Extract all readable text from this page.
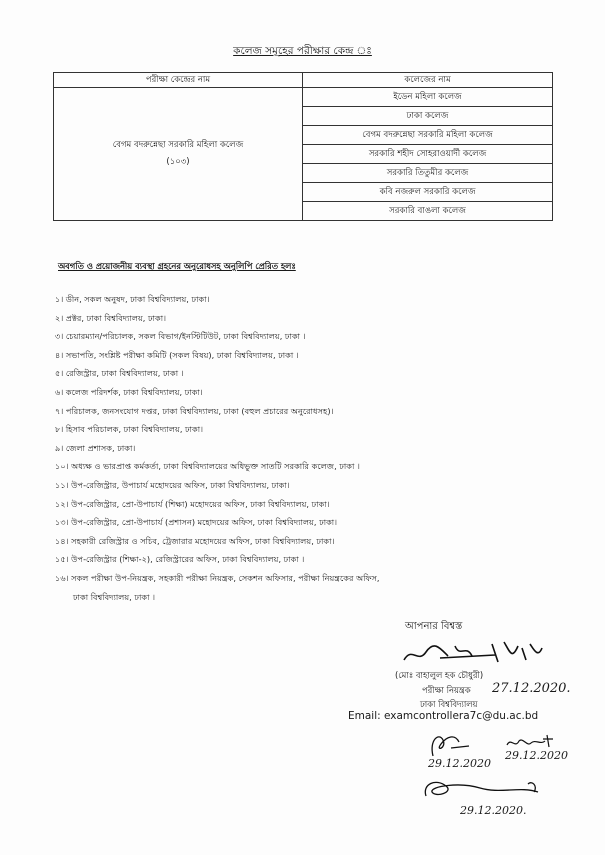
কলেজ সমূহের পরীক্ষার কেন্দ্র ঃ
পরীক্ষা কেন্দ্রের নাম	কলেজের নাম

বেগম বদরুন্নেছা সরকারি মহিলা কলেজ
(১০৩)	ইডেন মহিলা কলেজ
	ঢাকা কলেজ
	বেগম বদরুন্নেছা সরকারি মহিলা কলেজ
	সরকারি শহীদ সোহরাওয়ার্দী কলেজ
	সরকারি তিতুমীর কলেজ
	কবি নজরুল সরকারি কলেজ
	সরকারি বাঙলা কলেজ
অবগতি ও প্রয়োজনীয় ব্যবস্থা গ্রহনের অনুরোধসহ অনুলিপি প্রেরিত হলঃ
১। ডীন, সকল অনুষদ, ঢাকা বিশ্ববিদ্যালয়, ঢাকা।
২। প্রক্টর, ঢাকা বিশ্ববিদ্যালয়, ঢাকা।
৩। চেয়ারম্যান/পরিচালক, সকল বিভাগ/ইনস্টিটিউট, ঢাকা বিশ্ববিদ্যালয়, ঢাকা ।
৪। সভাপতি, সংশ্লিষ্ট পরীক্ষা কমিটি (সকল বিষয়), ঢাকা বিশ্ববিদ্যালয়, ঢাকা ।
৫। রেজিস্ট্রার, ঢাকা বিশ্ববিদ্যালয়, ঢাকা ।
৬। কলেজ পরিদর্শক, ঢাকা বিশ্ববিদ্যালয়, ঢাকা।
৭। পরিচালক, জনসংযোগ দপ্তর, ঢাকা বিশ্ববিদ্যালয়, ঢাকা (বহুল প্রচারের অনুরোধসহ)।
৮। হিসাব পরিচালক, ঢাকা বিশ্ববিদ্যালয়, ঢাকা।
৯। জেলা প্রশাসক, ঢাকা।
১০। অধ্যক্ষ ও ভারপ্রাপ্ত কর্মকর্তা, ঢাকা বিশ্ববিদ্যালয়ের অধিভুক্ত সাতটি সরকারি কলেজ, ঢাকা ।
১১। উপ-রেজিস্ট্রার, উপাচার্য মহোদয়ের অফিস, ঢাকা বিশ্ববিদ্যালয়, ঢাকা।
১২। উপ-রেজিস্ট্রার, প্রো-উপাচার্য (শিক্ষা) মহোদয়ের অফিস, ঢাকা বিশ্ববিদ্যালয়, ঢাকা।
১৩। উপ-রেজিস্ট্রার, প্রো-উপাচার্য (প্রশাসন) মহোদয়ের অফিস, ঢাকা বিশ্ববিদ্যালয়, ঢাকা।
১৪। সহকারী রেজিস্ট্রার ও সচিব, ট্রেজারার মহোদয়ের অফিস, ঢাকা বিশ্ববিদ্যালয়, ঢাকা।
১৫। উপ-রেজিস্ট্রার (শিক্ষা-২), রেজিস্ট্রারের অফিস, ঢাকা বিশ্ববিদ্যালয়, ঢাকা ।
১৬। সকল পরীক্ষা উপ-নিয়ন্ত্রক, সহকারী পরীক্ষা নিয়ন্ত্রক, সেকশন অফিসার, পরীক্ষা নিয়ন্ত্রকের অফিস,
ঢাকা বিশ্ববিদ্যালয়, ঢাকা ।
আপনার বিশ্বস্ত
(মোঃ বাহালুল হক চৌধুরী)
27.12.2020.
পরীক্ষা নিয়ন্ত্রক
ঢাকা বিশ্ববিদ্যালয়
Email: examcontrollera7c@du.ac.bd
29.12.2020
29.12.2020
29.12.2020.
